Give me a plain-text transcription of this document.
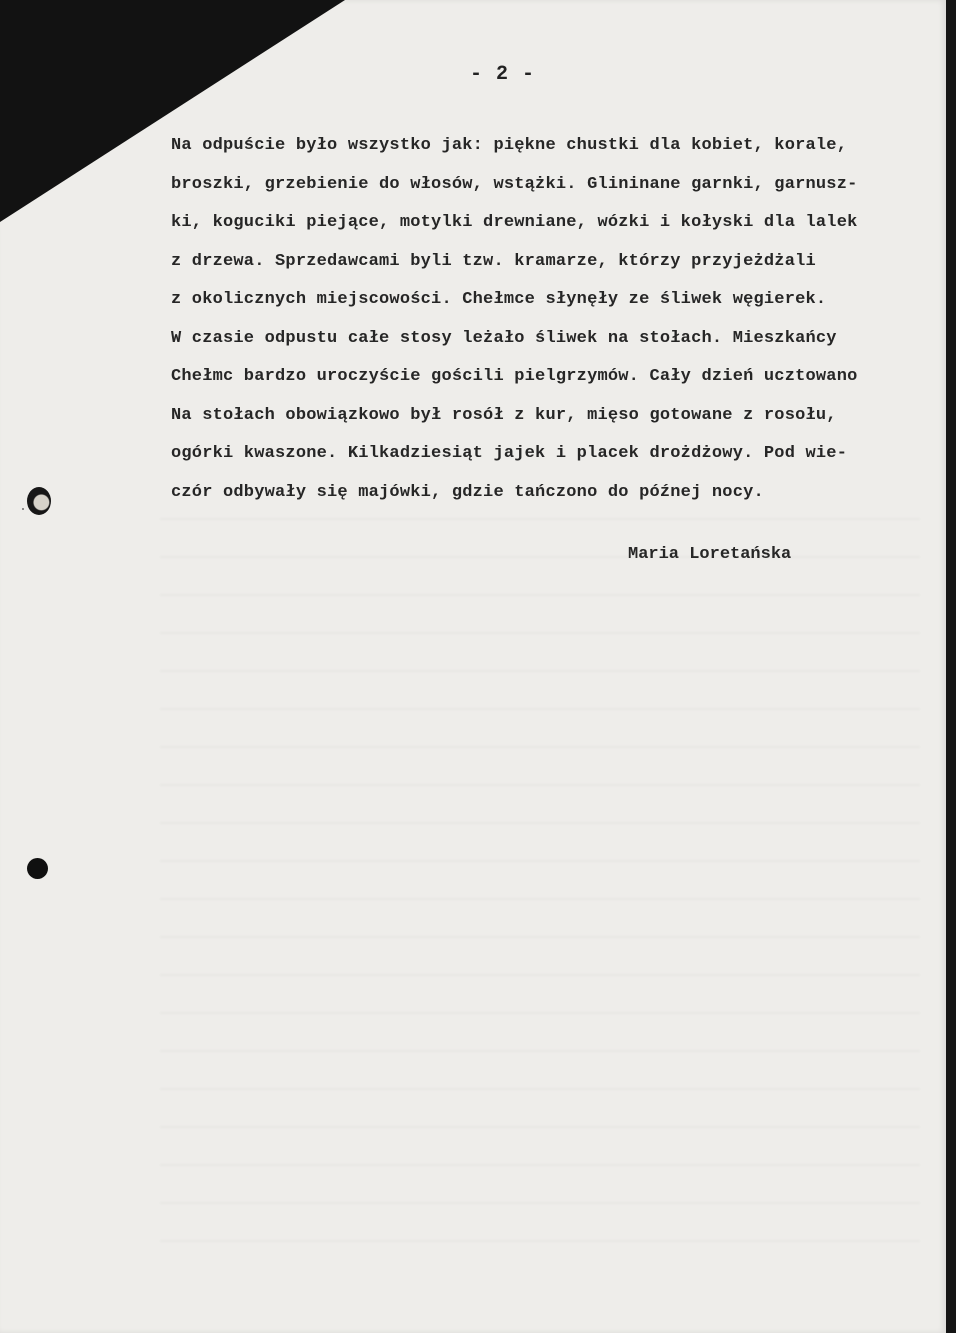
- 2 -
Na odpuście było wszystko jak: piękne chustki dla kobiet, korale,
broszki, grzebienie do włosów, wstążki. Glininane garnki, garnusz-
ki, koguciki piejące, motylki drewniane, wózki i kołyski dla lalek
z drzewa. Sprzedawcami byli tzw. kramarze, którzy przyjeżdżali
z okolicznych miejscowości. Chełmce słynęły ze śliwek węgierek.
W czasie odpustu całe stosy leżało śliwek na stołach. Mieszkańcy
Chełmc bardzo uroczyście gościli pielgrzymów. Cały dzień ucztowano
Na stołach obowiązkowo był rosół z kur, mięso gotowane z rosołu,
ogórki kwaszone. Kilkadziesiąt jajek i placek drożdżowy. Pod wie-
czór odbywały się majówki, gdzie tańczono do późnej nocy.
Maria Loretańska
